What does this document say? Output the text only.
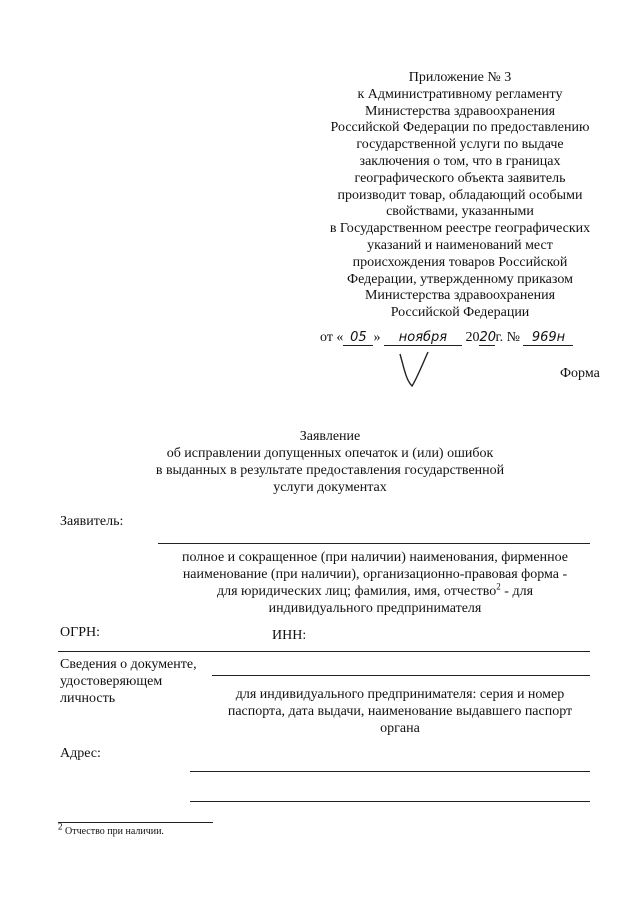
Приложение № 3
к Административному регламенту
Министерства здравоохранения
Российской Федерации по предоставлению
государственной услуги по выдаче
заключения о том, что в границах
географического объекта заявитель
производит товар, обладающий особыми
свойствами, указанными
в Государственном реестре географических
указаний и наименований мест
происхождения товаров Российской
Федерации, утвержденному приказом
Министерства здравоохранения
Российской Федерации
от « 05 » ноября 2020г. № 969н
Форма
Заявление
об исправлении допущенных опечаток и (или) ошибок
в выданных в результате предоставления государственной
услуги документах
Заявитель:
полное и сокращенное (при наличии) наименования, фирменное
наименование (при наличии), организационно-правовая форма -
для юридических лиц; фамилия, имя, отчество$^2$ - для
индивидуального предпринимателя
ОГРН:	ИНН:
Сведения о документе,
удостоверяющем
личность	для индивидуального предпринимателя: серия и номер
паспорта, дата выдачи, наименование выдавшего паспорт
органа
Адрес:
$^2$ Отчество при наличии.
